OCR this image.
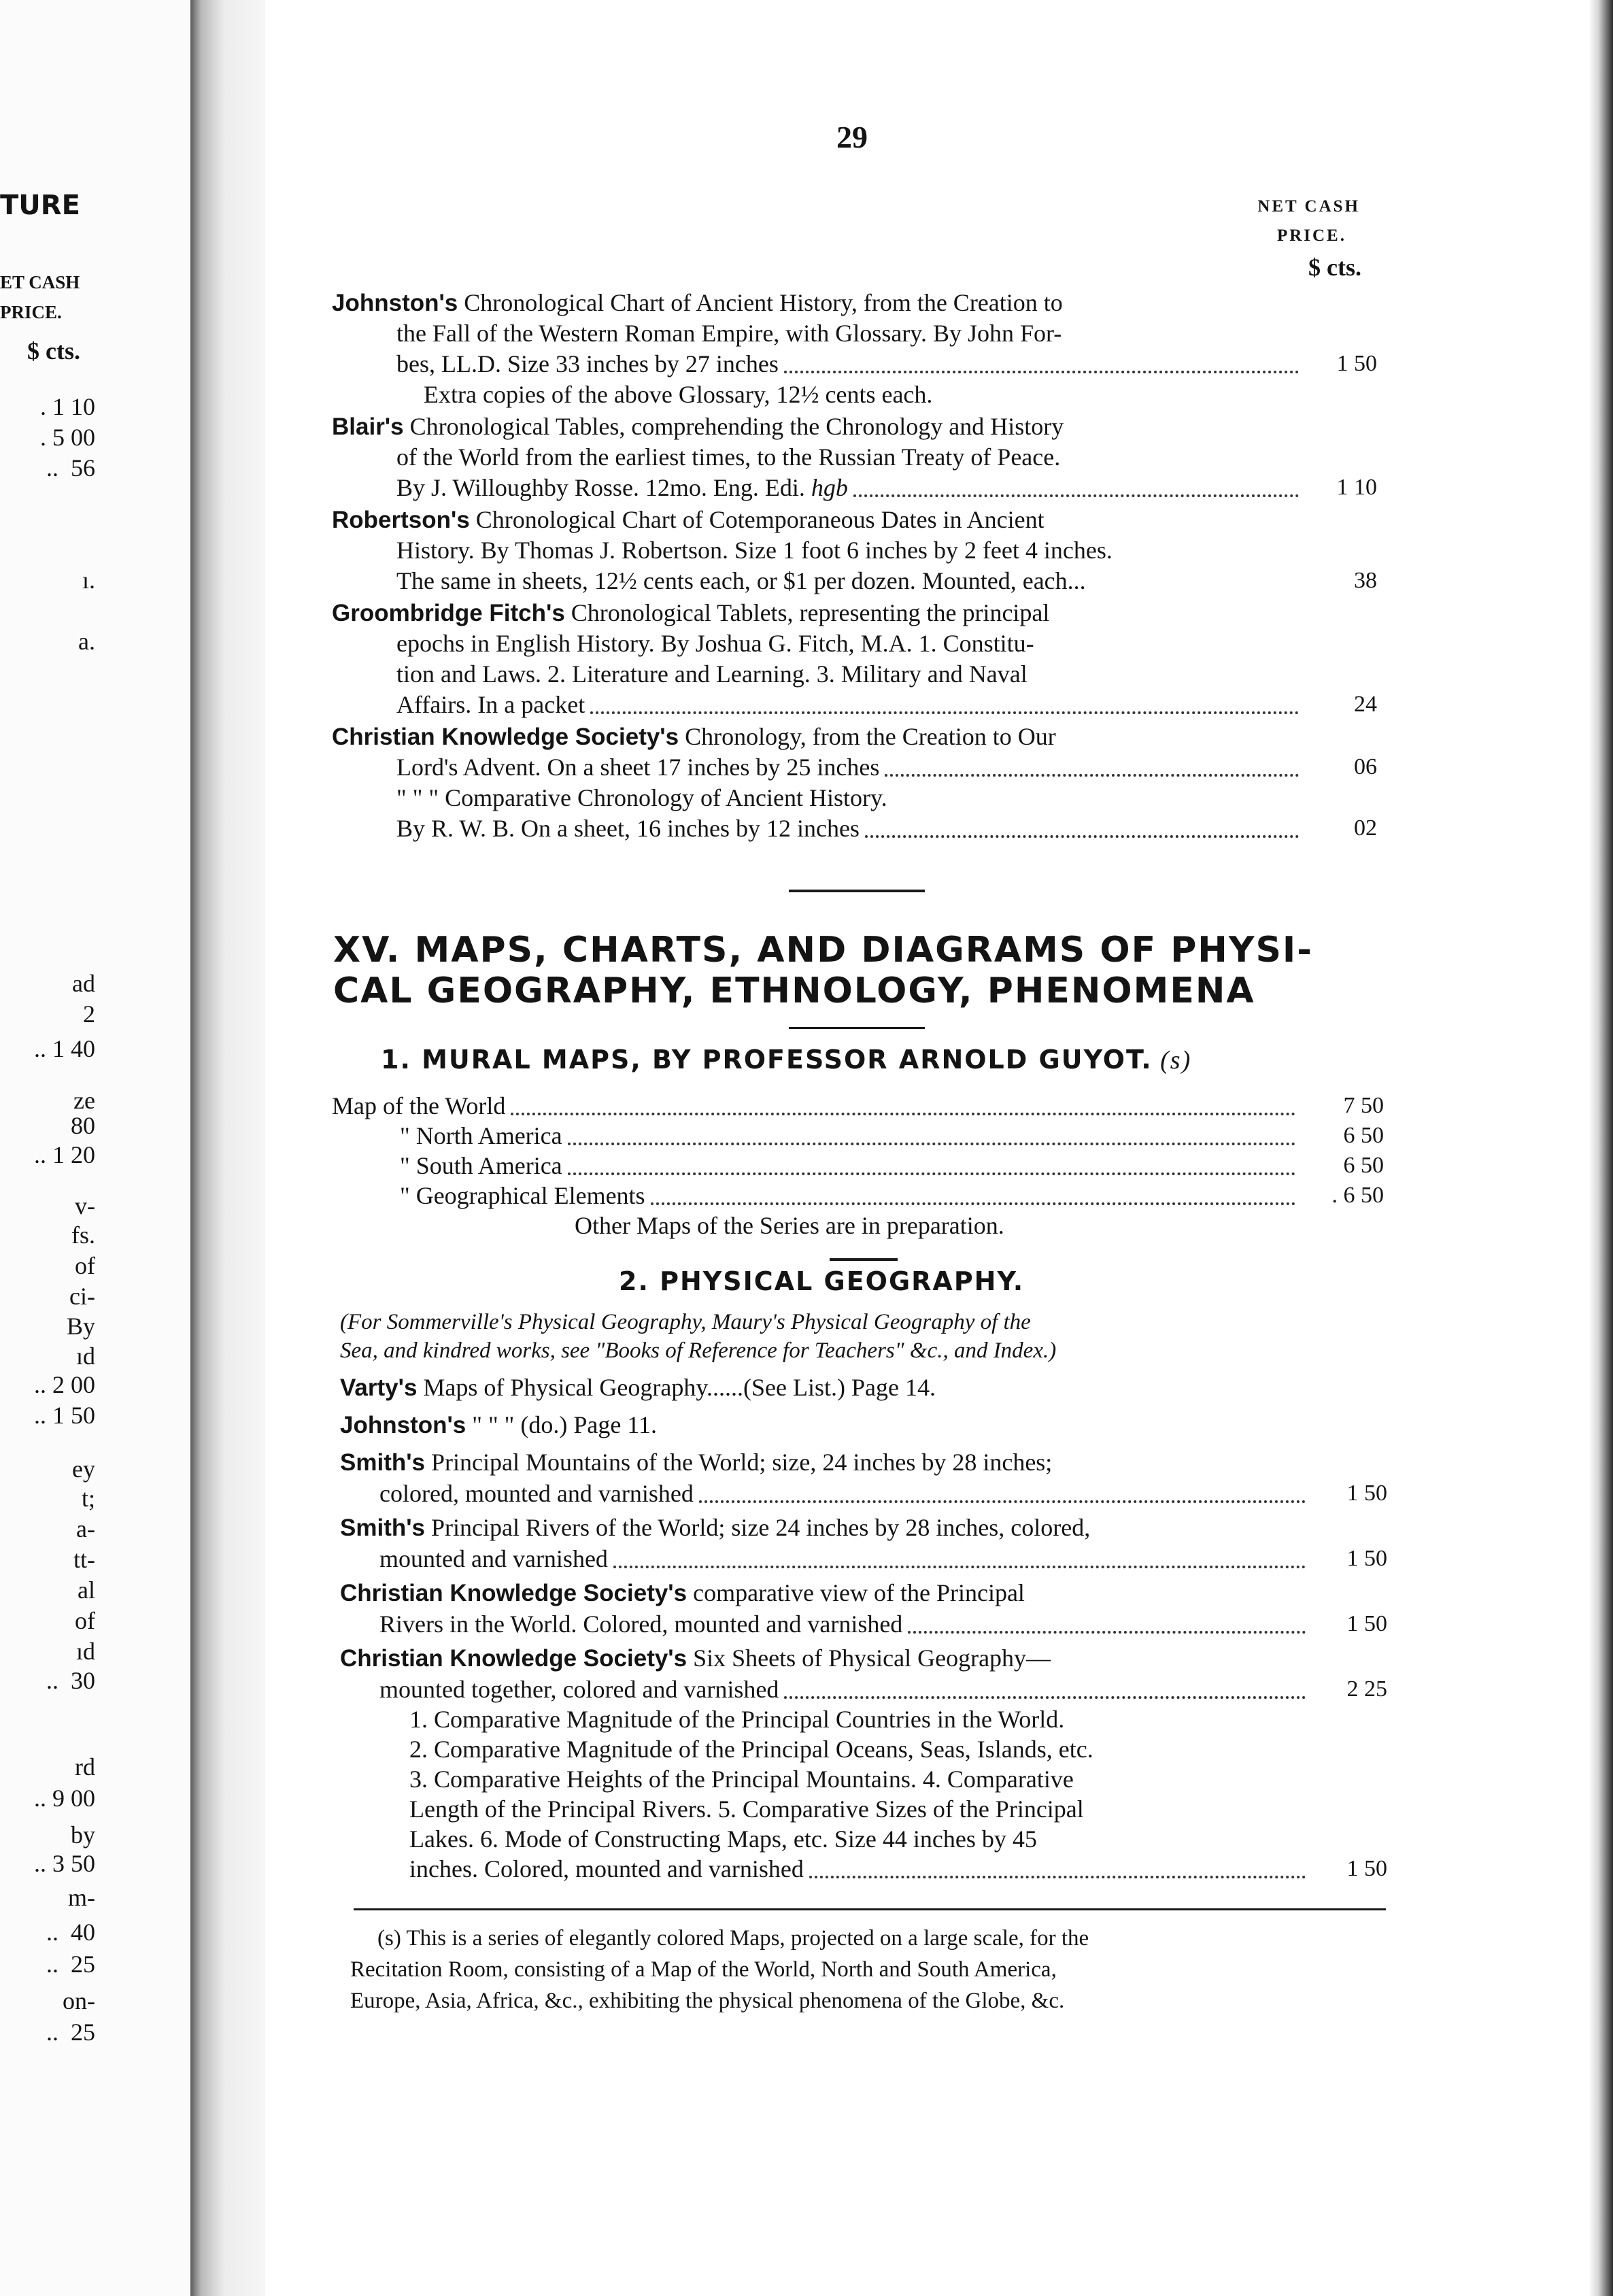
TURE
ET CASH
PRICE.
$ cts.
. 1 10
. 5 00
..  56
ı.
a.
ad
2
.. 1 40
ze
80
.. 1 20
v-
fs.
of
ci-
By
ıd
.. 2 00
.. 1 50
ey
t;
a-
tt-
al
of
ıd
..  30
rd
.. 9 00
by
.. 3 50
m-
..  40
..  25
on-
..  25
29
NET CASH
PRICE.
$ cts.
Johnston's Chronological Chart of Ancient History, from the Creation to
the Fall of the Western Roman Empire, with Glossary. By John For-
bes, LL.D. Size 33 inches by 27 inches	1 50
Extra copies of the above Glossary, 12½ cents each.
Blair's Chronological Tables, comprehending the Chronology and History
of the World from the earliest times, to the Russian Treaty of Peace.
By J. Willoughby Rosse. 12mo. Eng. Edi. hgb	1 10
Robertson's Chronological Chart of Cotemporaneous Dates in Ancient
History. By Thomas J. Robertson. Size 1 foot 6 inches by 2 feet 4 inches.
The same in sheets, 12½ cents each, or $1 per dozen. Mounted, each...	38
Groombridge Fitch's Chronological Tablets, representing the principal
epochs in English History. By Joshua G. Fitch, M.A. 1. Constitu-
tion and Laws. 2. Literature and Learning. 3. Military and Naval
Affairs. In a packet	24
Christian Knowledge Society's Chronology, from the Creation to Our
Lord's Advent. On a sheet 17 inches by 25 inches	06
" " " Comparative Chronology of Ancient History.
By R. W. B. On a sheet, 16 inches by 12 inches	02
XV. MAPS, CHARTS, AND DIAGRAMS OF PHYSI-
CAL GEOGRAPHY, ETHNOLOGY, PHENOMENA
1. MURAL MAPS, BY PROFESSOR ARNOLD GUYOT. (s)
Map of the World	7 50
" North America	6 50
" South America	6 50
" Geographical Elements	. 6 50
Other Maps of the Series are in preparation.
2. PHYSICAL GEOGRAPHY.
(For Sommerville's Physical Geography, Maury's Physical Geography of the
Sea, and kindred works, see "Books of Reference for Teachers" &c., and Index.)
Varty's Maps of Physical Geography......(See List.) Page 14.
Johnston's " " " (do.) Page 11.
Smith's Principal Mountains of the World; size, 24 inches by 28 inches;
colored, mounted and varnished	1 50
Smith's Principal Rivers of the World; size 24 inches by 28 inches, colored,
mounted and varnished	1 50
Christian Knowledge Society's comparative view of the Principal
Rivers in the World. Colored, mounted and varnished	1 50
Christian Knowledge Society's Six Sheets of Physical Geography—
mounted together, colored and varnished	2 25
1. Comparative Magnitude of the Principal Countries in the World.
2. Comparative Magnitude of the Principal Oceans, Seas, Islands, etc.
3. Comparative Heights of the Principal Mountains. 4. Comparative
Length of the Principal Rivers. 5. Comparative Sizes of the Principal
Lakes. 6. Mode of Constructing Maps, etc. Size 44 inches by 45
inches. Colored, mounted and varnished	1 50
(s) This is a series of elegantly colored Maps, projected on a large scale, for the
Recitation Room, consisting of a Map of the World, North and South America,
Europe, Asia, Africa, &c., exhibiting the physical phenomena of the Globe, &c.
